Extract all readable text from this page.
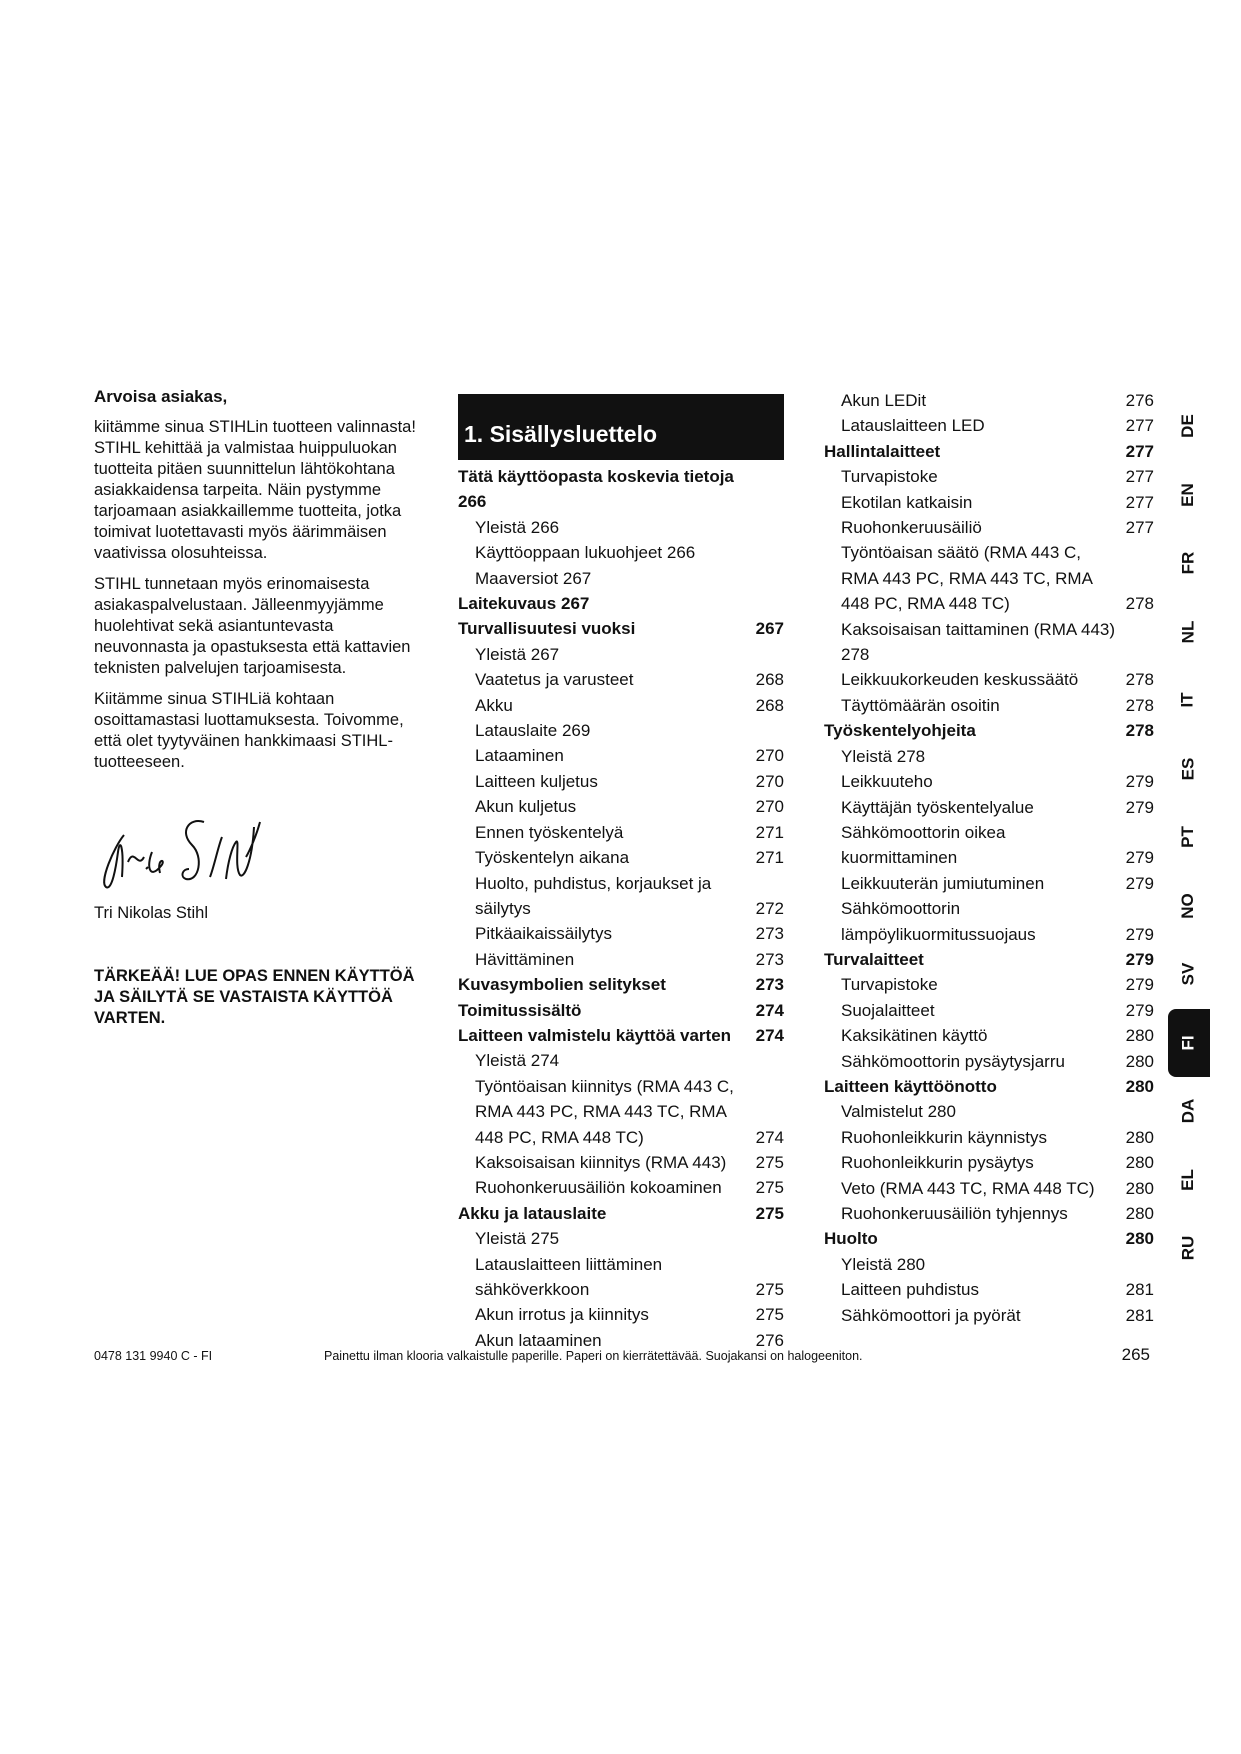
Arvoisa asiakas,

kiitämme sinua STIHLin tuotteen valinnasta! STIHL kehittää ja valmistaa huippuluokan tuotteita pitäen suunnittelun lähtökohtana asiakkaidensa tarpeita. Näin pystymme tarjoamaan asiakkaillemme tuotteita, jotka toimivat luotettavasti myös äärimmäisen vaativissa olosuhteissa.

STIHL tunnetaan myös erinomaisesta asiakaspalvelustaan. Jälleenmyyjämme huolehtivat sekä asiantuntevasta neuvonnasta ja opastuksesta että kattavien teknisten palvelujen tarjoamisesta.

Kiitämme sinua STIHLiä kohtaan osoittamastasi luottamuksesta. Toivomme, että olet tyytyväinen hankkimaasi STIHL-tuotteeseen.

Tri Nikolas Stihl
TÄRKEÄÄ! LUE OPAS ENNEN KÄYTTÖÄ JA SÄILYTÄ SE VASTAISTA KÄYTTÖÄ VARTEN.
1. Sisällysluettelo
Tätä käyttöopasta koskevia tietoja 266
Yleistä 266
Käyttöoppaan lukuohjeet 266
Maaversiot 267
Laitekuvaus 267
Turvallisuutesi vuoksi	267
Yleistä 267
Vaatetus ja varusteet	268
Akku	268
Latauslaite 269
Lataaminen	270
Laitteen kuljetus	270
Akun kuljetus	270
Ennen työskentelyä	271
Työskentelyn aikana	271
Huolto, puhdistus, korjaukset ja säilytys	272
Pitkäaikaissäilytys	273
Hävittäminen	273
Kuvasymbolien selitykset	273
Toimitussisältö	274
Laitteen valmistelu käyttöä varten	274
Yleistä 274
Työntöaisan kiinnitys (RMA 443 C, RMA 443 PC, RMA 443 TC, RMA 448 PC, RMA 448 TC)	274
Kaksoisaisan kiinnitys (RMA 443)	275
Ruohonkeruusäiliön kokoaminen	275
Akku ja latauslaite	275
Yleistä 275
Latauslaitteen liittäminen sähköverkkoon	275
Akun irrotus ja kiinnitys	275
Akun lataaminen	276
Akun LEDit	276
Latauslaitteen LED	277
Hallintalaitteet	277
Turvapistoke	277
Ekotilan katkaisin	277
Ruohonkeruusäiliö	277
Työntöaisan säätö (RMA 443 C, RMA 443 PC, RMA 443 TC, RMA 448 PC, RMA 448 TC)	278
Kaksoisaisan taittaminen (RMA 443) 278
Leikkuukorkeuden keskussäätö	278
Täyttömäärän osoitin	278
Työskentelyohjeita	278
Yleistä 278
Leikkuuteho	279
Käyttäjän työskentelyalue	279
Sähkömoottorin oikea kuormittaminen	279
Leikkuuterän jumiutuminen	279
Sähkömoottorin lämpöylikuormitussuojaus	279
Turvalaitteet	279
Turvapistoke	279
Suojalaitteet	279
Kaksikätinen käyttö	280
Sähkömoottorin pysäytysjarru	280
Laitteen käyttöönotto	280
Valmistelut 280
Ruohonleikkurin käynnistys	280
Ruohonleikkurin pysäytys	280
Veto (RMA 443 TC, RMA 448 TC)	280
Ruohonkeruusäiliön tyhjennys	280
Huolto	280
Yleistä 280
Laitteen puhdistus	281
Sähkömoottori ja pyörät	281
DE
EN
FR
NL
IT
ES
PT
NO
SV
FI
DA
EL
RU
0478 131 9940 C - FI	Painettu ilman klooria valkaistulle paperille. Paperi on kierrätettävää. Suojakansi on halogeeniton.	265
